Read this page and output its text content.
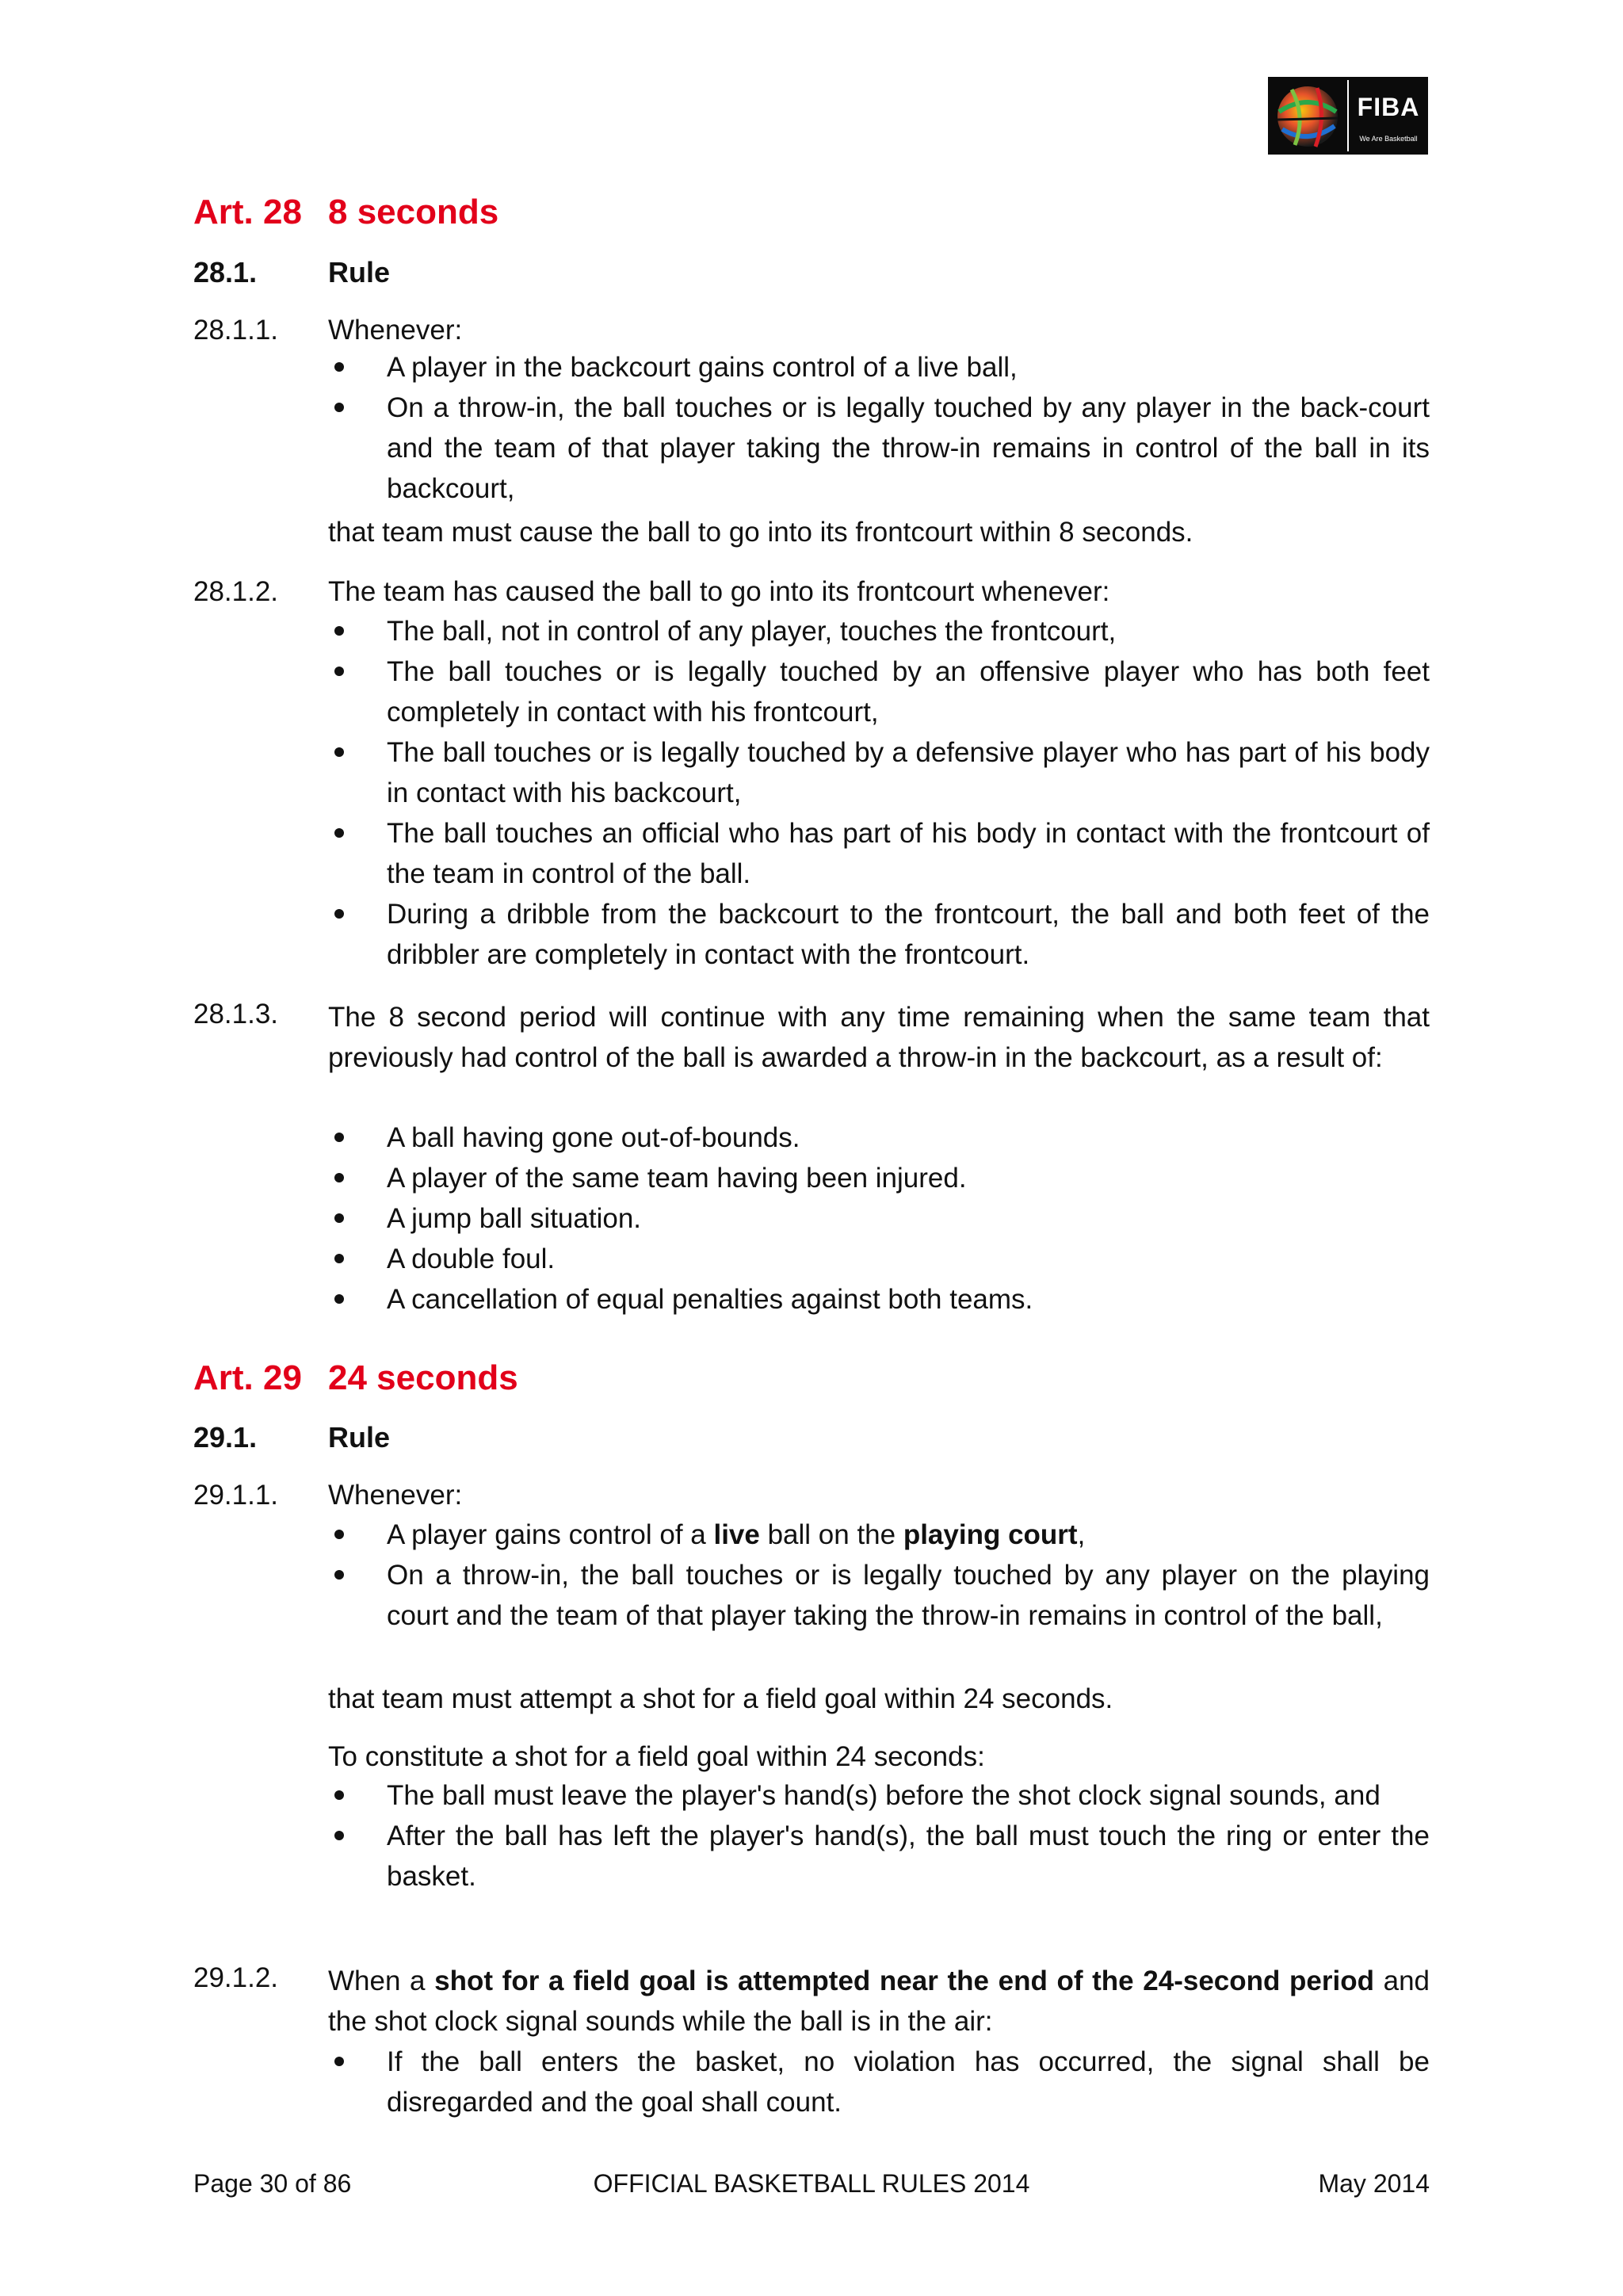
FIBA
We Are Basketball
Art. 28 8 seconds
28.1. Rule
28.1.1. Whenever:
A player in the backcourt gains control of a live ball,
On a throw-in, the ball touches or is legally touched by any player in the back-court and the team of that player taking the throw-in remains in control of the ball in its backcourt,
that team must cause the ball to go into its frontcourt within 8 seconds.
28.1.2. The team has caused the ball to go into its frontcourt whenever:
The ball, not in control of any player, touches the frontcourt,
The ball touches or is legally touched by an offensive player who has both feet completely in contact with his frontcourt,
The ball touches or is legally touched by a defensive player who has part of his body in contact with his backcourt,
The ball touches an official who has part of his body in contact with the frontcourt of the team in control of the ball.
During a dribble from the backcourt to the frontcourt, the ball and both feet of the dribbler are completely in contact with the frontcourt.
28.1.3. The 8 second period will continue with any time remaining when the same team that previously had control of the ball is awarded a throw-in in the backcourt, as a result of:
A ball having gone out-of-bounds.
A player of the same team having been injured.
A jump ball situation.
A double foul.
A cancellation of equal penalties against both teams.
Art. 29 24 seconds
29.1. Rule
29.1.1. Whenever:
A player gains control of a live ball on the playing court,
On a throw-in, the ball touches or is legally touched by any player on the playing court and the team of that player taking the throw-in remains in control of the ball,
that team must attempt a shot for a field goal within 24 seconds.
To constitute a shot for a field goal within 24 seconds:
The ball must leave the player's hand(s) before the shot clock signal sounds, and
After the ball has left the player's hand(s), the ball must touch the ring or enter the basket.
29.1.2. When a shot for a field goal is attempted near the end of the 24-second period and the shot clock signal sounds while the ball is in the air:
If the ball enters the basket, no violation has occurred, the signal shall be disregarded and the goal shall count.
Page 30 of 86	OFFICIAL BASKETBALL RULES 2014	May 2014
